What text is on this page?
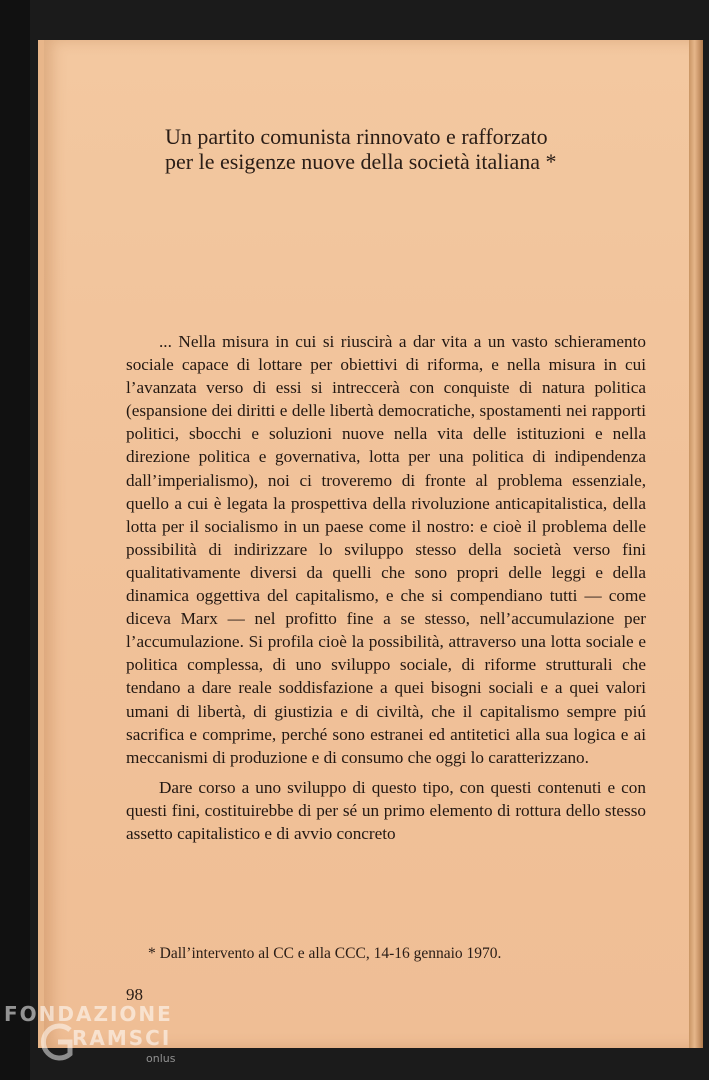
Un partito comunista rinnovato e rafforzato
per le esigenze nuove della società italiana *

... Nella misura in cui si riuscirà a dar vita a un vasto schieramento sociale capace di lottare per obiettivi di riforma, e nella misura in cui l’avanzata verso di essi si intreccerà con conquiste di natura politica (espansione dei diritti e delle libertà democratiche, spostamenti nei rapporti politici, sbocchi e soluzioni nuove nella vita delle istituzioni e nella direzione politica e governativa, lotta per una politica di indipendenza dall’imperialismo), noi ci troveremo di fronte al problema essenziale, quello a cui è legata la prospettiva della rivoluzione anticapitalistica, della lotta per il socialismo in un paese come il nostro: e cioè il problema delle possibilità di indirizzare lo sviluppo stesso della società verso fini qualitativamente diversi da quelli che sono propri delle leggi e della dinamica oggettiva del capitalismo, e che si compendiano tutti — come diceva Marx — nel profitto fine a se stesso, nell’accumulazione per l’accumulazione. Si profila cioè la possibilità, attraverso una lotta sociale e politica complessa, di uno sviluppo sociale, di riforme strutturali che tendano a dare reale soddisfazione a quei bisogni sociali e a quei valori umani di libertà, di giustizia e di civiltà, che il capitalismo sempre piú sacrifica e comprime, perché sono estranei ed antitetici alla sua logica e ai meccanismi di produzione e di consumo che oggi lo caratterizzano.

Dare corso a uno sviluppo di questo tipo, con questi contenuti e con questi fini, costituirebbe di per sé un primo elemento di rottura dello stesso assetto capitalistico e di avvio concreto

* Dall’intervento al CC e alla CCC, 14-16 gennaio 1970.
98
FONDAZIONE
RAMSCI
onlus
